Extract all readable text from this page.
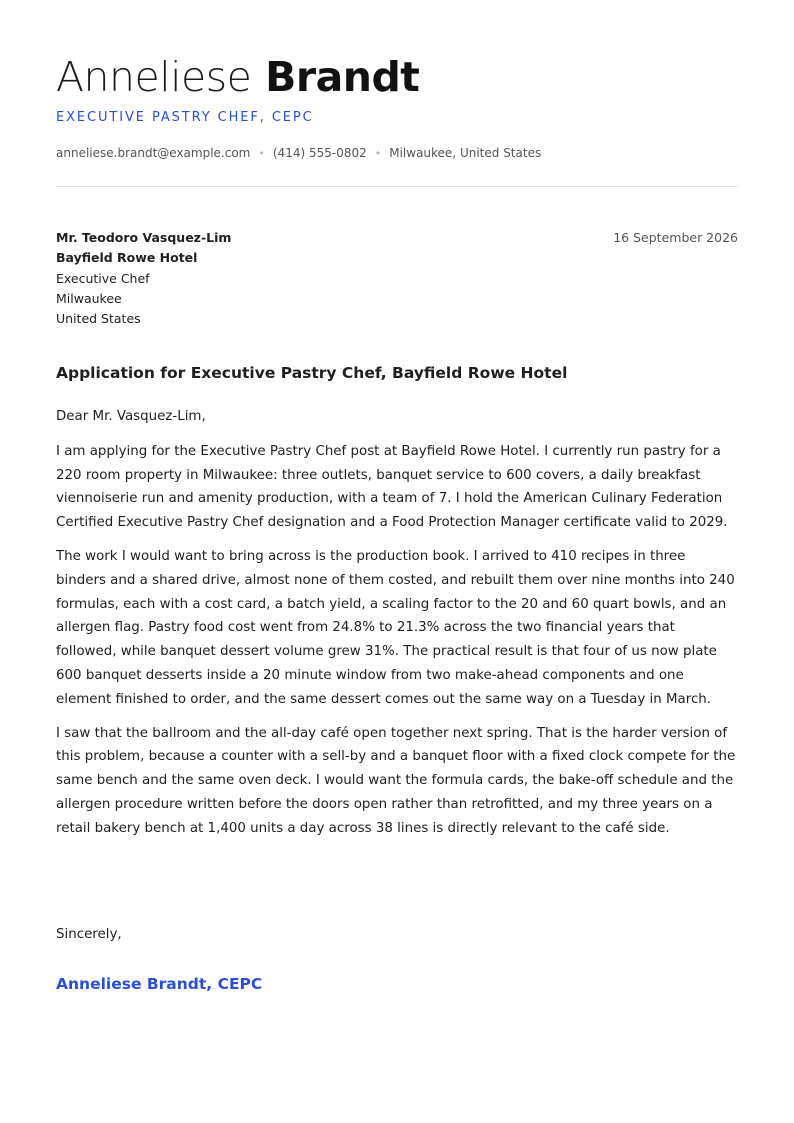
Anneliese Brandt
EXECUTIVE PASTRY CHEF, CEPC
anneliese.brandt@example.com • (414) 555-0802 • Milwaukee, United States
Mr. Teodoro Vasquez-Lim
Bayfield Rowe Hotel
Executive Chef
Milwaukee
United States
16 September 2026
Application for Executive Pastry Chef, Bayfield Rowe Hotel

Dear Mr. Vasquez-Lim,

I am applying for the Executive Pastry Chef post at Bayfield Rowe Hotel. I currently run pastry for a 220 room property in Milwaukee: three outlets, banquet service to 600 covers, a daily breakfast viennoiserie run and amenity production, with a team of 7. I hold the American Culinary Federation Certified Executive Pastry Chef designation and a Food Protection Manager certificate valid to 2029.

The work I would want to bring across is the production book. I arrived to 410 recipes in three binders and a shared drive, almost none of them costed, and rebuilt them over nine months into 240 formulas, each with a cost card, a batch yield, a scaling factor to the 20 and 60 quart bowls, and an allergen flag. Pastry food cost went from 24.8% to 21.3% across the two financial years that followed, while banquet dessert volume grew 31%. The practical result is that four of us now plate 600 banquet desserts inside a 20 minute window from two make-ahead components and one element finished to order, and the same dessert comes out the same way on a Tuesday in March.

I saw that the ballroom and the all-day café open together next spring. That is the harder version of this problem, because a counter with a sell-by and a banquet floor with a fixed clock compete for the same bench and the same oven deck. I would want the formula cards, the bake-off schedule and the allergen procedure written before the doors open rather than retrofitted, and my three years on a retail bakery bench at 1,400 units a day across 38 lines is directly relevant to the café side.

Sincerely,
Anneliese Brandt, CEPC
